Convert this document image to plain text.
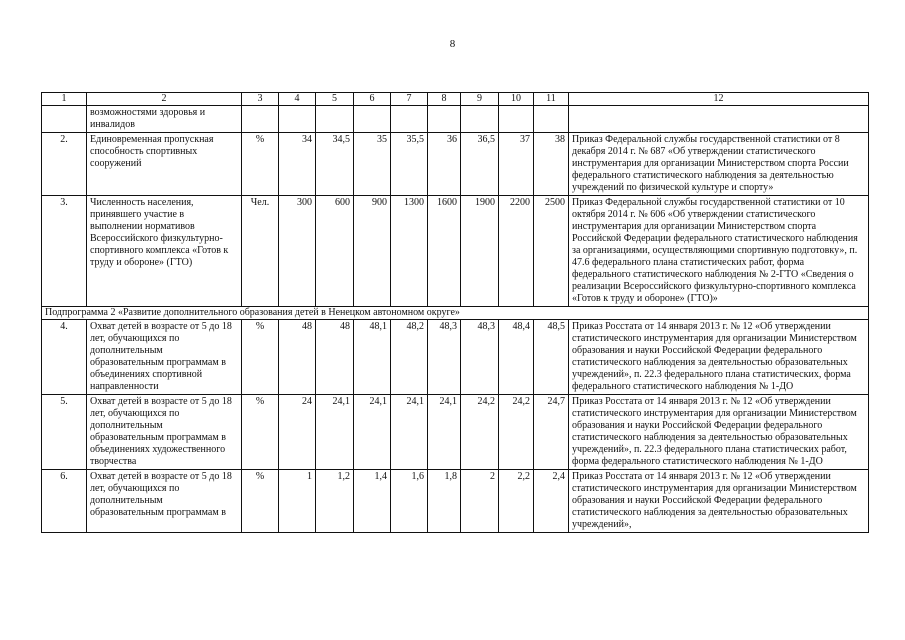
8
1	2	3	4	5	6	7	8	9	10	11	12
	возможностями здоровья и инвалидов										
2.	Единовременная пропускная способность спортивных сооружений	%	34	34,5	35	35,5	36	36,5	37	38	Приказ Федеральной службы государственной статистики от 8 декабря 2014 г. № 687 «Об утверждении статистического инструментария для организации Министерством спорта России федерального статистического наблюдения за деятельностью учреждений по физической культуре и спорту»
3.	Численность населения, принявшего участие в выполнении нормативов Всероссийского физкультурно-спортивного комплекса «Готов к труду и обороне» (ГТО)	Чел.	300	600	900	1300	1600	1900	2200	2500	Приказ Федеральной службы государственной статистики от 10 октября 2014 г. № 606 «Об утверждении статистического инструментария для организации Министерством спорта Российской Федерации федерального статистического наблюдения за организациями, осуществляющими спортивную подготовку», п. 47.6 федерального плана статистических работ, форма федерального статистического наблюдения № 2-ГТО «Сведения о реализации Всероссийского физкультурно-спортивного комплекса «Готов к труду и обороне» (ГТО)»
Подпрограмма 2 «Развитие дополнительного образования детей в Ненецком автономном округе»											
4.	Охват детей в возрасте от 5 до 18 лет, обучающихся по дополнительным образовательным программам в объединениях спортивной направленности	%	48	48	48,1	48,2	48,3	48,3	48,4	48,5	Приказ Росстата от 14 января 2013 г. № 12 «Об утверждении статистического инструментария для организации Министерством образования и науки Российской Федерации федерального статистического наблюдения за деятельностью образовательных учреждений», п. 22.3 федерального плана статистических, форма федерального статистического наблюдения № 1-ДО
5.	Охват детей в возрасте от 5 до 18 лет, обучающихся по дополнительным образовательным программам в объединениях художественного творчества	%	24	24,1	24,1	24,1	24,1	24,2	24,2	24,7	Приказ Росстата от 14 января 2013 г. № 12 «Об утверждении статистического инструментария для организации Министерством образования и науки Российской Федерации федерального статистического наблюдения за деятельностью образовательных учреждений», п. 22.3 федерального плана статистических работ, форма федерального статистического наблюдения № 1-ДО
6.	Охват детей в возрасте от 5 до 18 лет, обучающихся по дополнительным образовательным программам в	%	1	1,2	1,4	1,6	1,8	2	2,2	2,4	Приказ Росстата от 14 января 2013 г. № 12 «Об утверждении статистического инструментария для организации Министерством образования и науки Российской Федерации федерального статистического наблюдения за деятельностью образовательных учреждений»,
